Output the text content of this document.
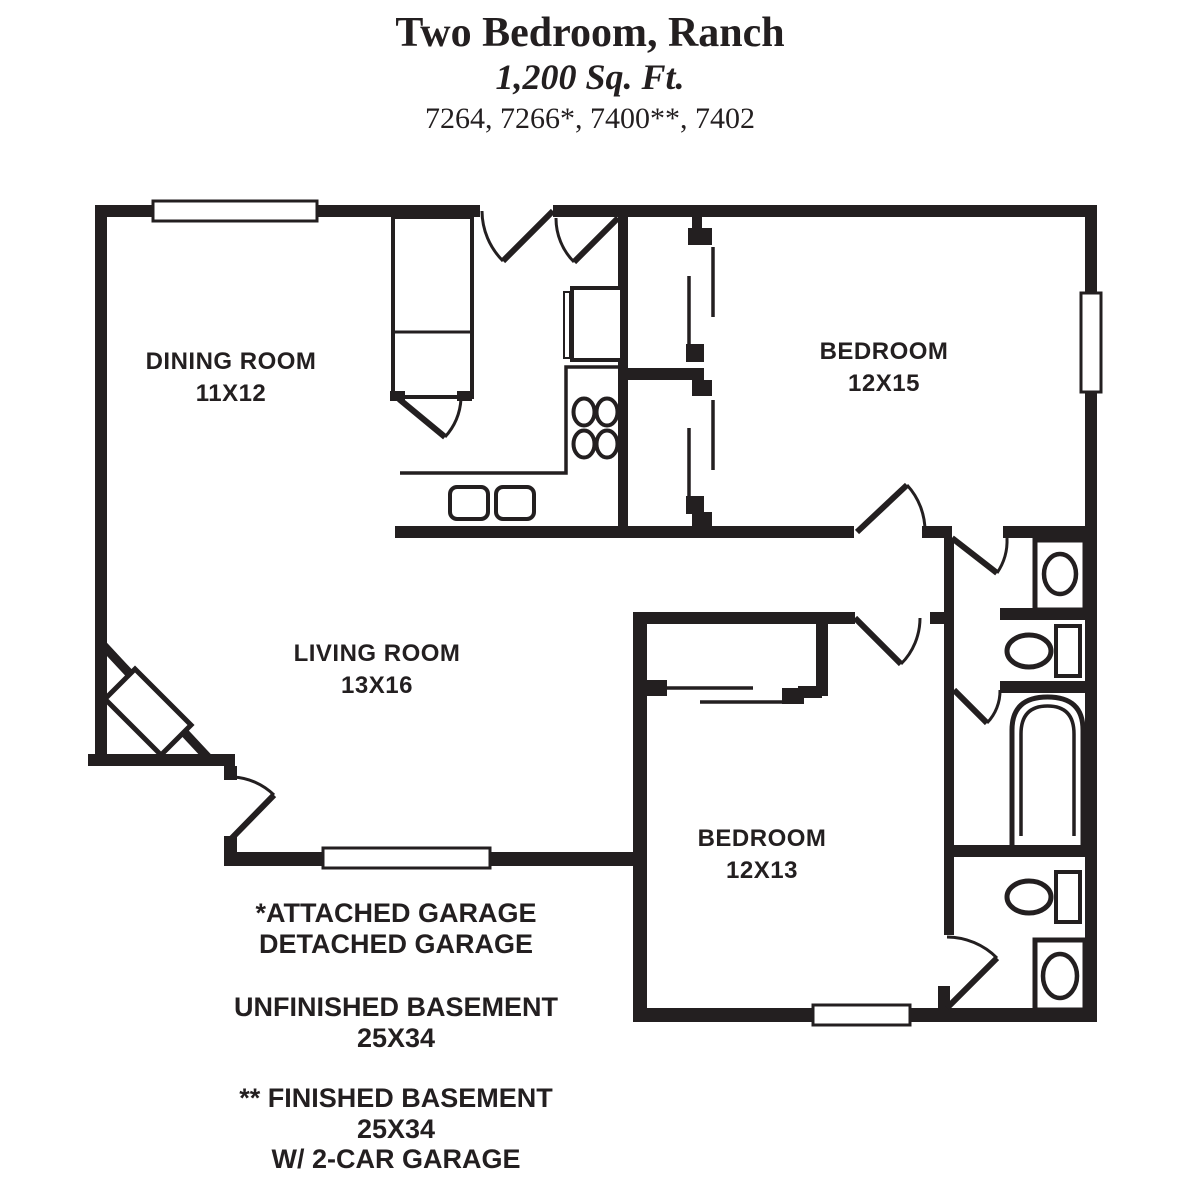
Two Bedroom, Ranch
1,200 Sq. Ft.
7264, 7266*, 7400**, 7402
DINING ROOM
11X12
BEDROOM
12X15
LIVING ROOM
13X16
BEDROOM
12X13
*ATTACHED GARAGE
DETACHED GARAGE
UNFINISHED BASEMENT
25X34
** FINISHED BASEMENT
25X34
W/ 2-CAR GARAGE
